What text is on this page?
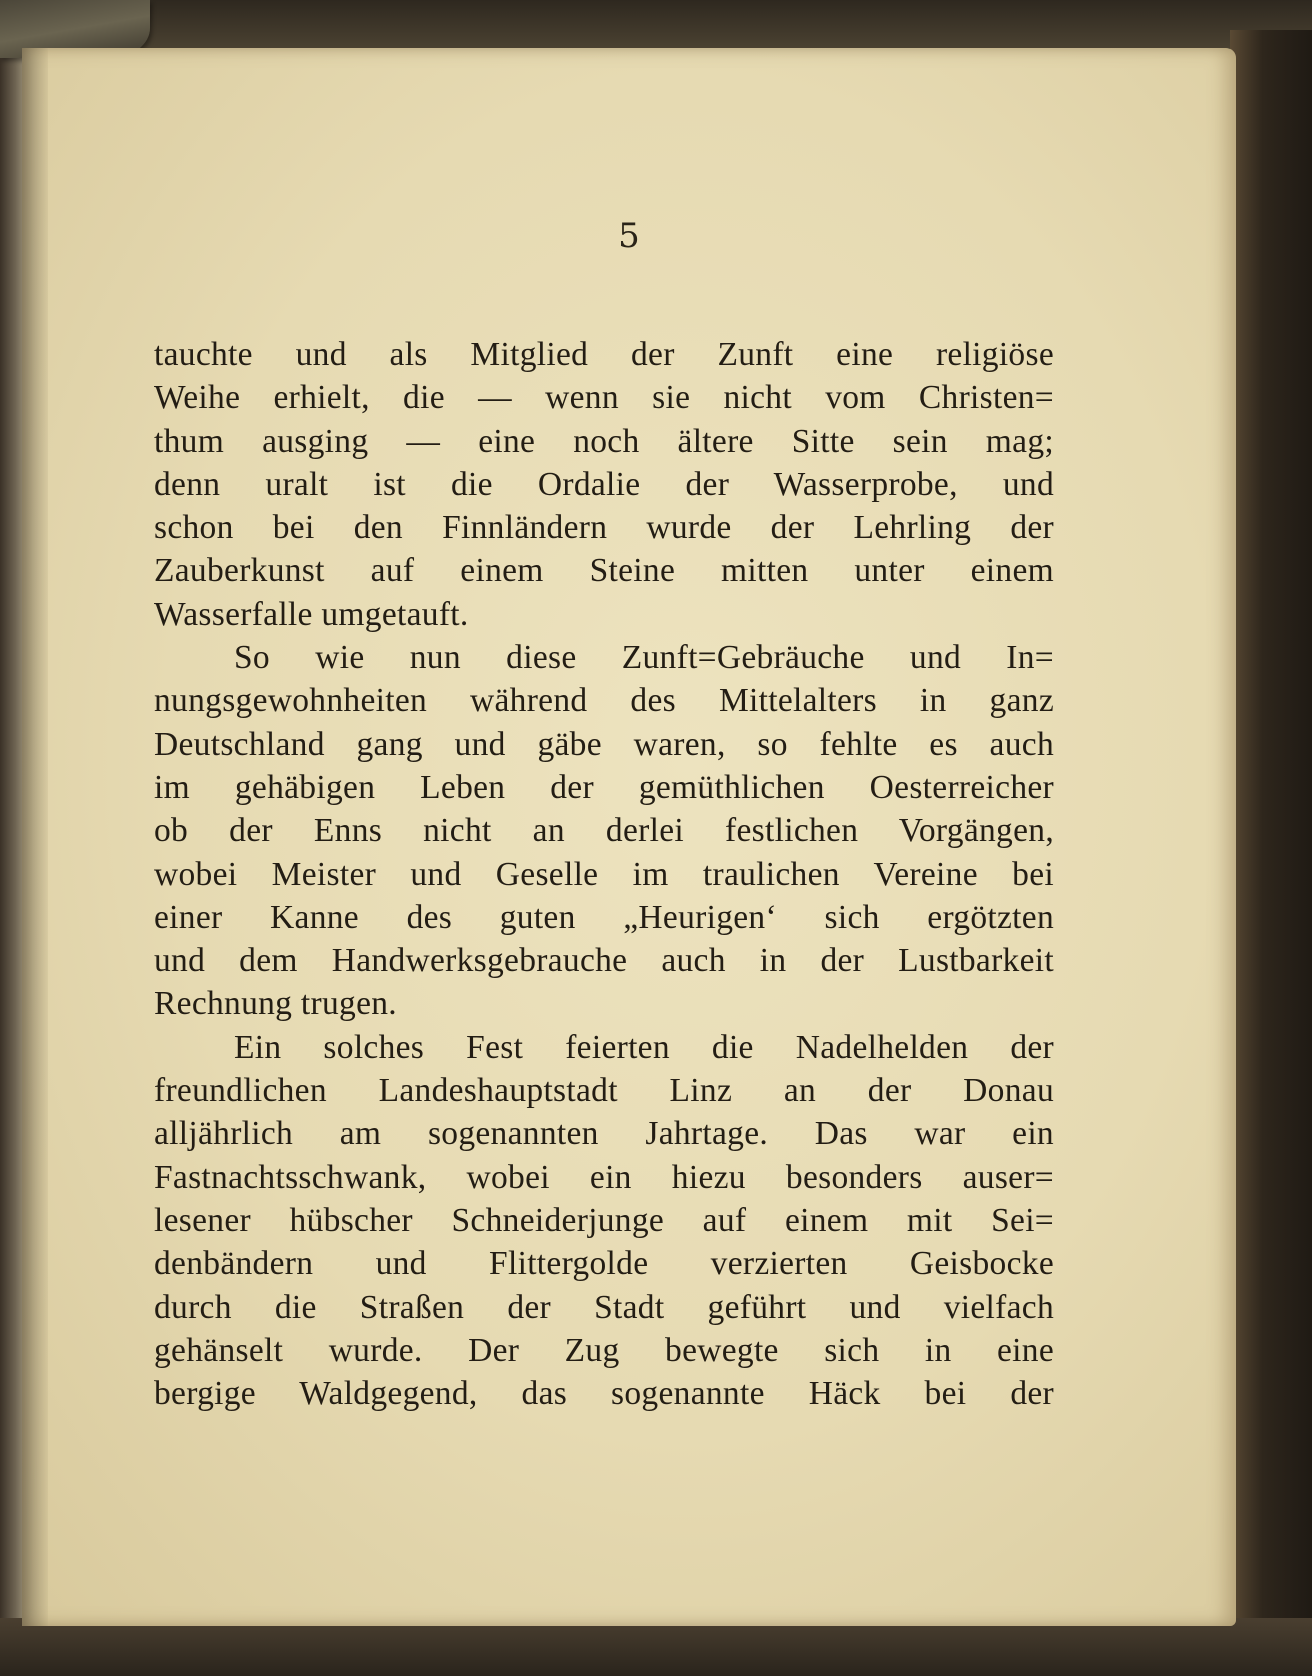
5
tauchte und als Mitglied der Zunft eine religiöse
Weihe erhielt, die — wenn sie nicht vom Christen=
thum ausging — eine noch ältere Sitte sein mag;
denn uralt ist die Ordalie der Wasserprobe, und
schon bei den Finnländern wurde der Lehrling der
Zauberkunst auf einem Steine mitten unter einem
Wasserfalle umgetauft.
So wie nun diese Zunft=Gebräuche und In=
nungsgewohnheiten während des Mittelalters in ganz
Deutschland gang und gäbe waren, so fehlte es auch
im gehäbigen Leben der gemüthlichen Oesterreicher
ob der Enns nicht an derlei festlichen Vorgängen,
wobei Meister und Geselle im traulichen Vereine bei
einer Kanne des guten „Heurigen‘ sich ergötzten
und dem Handwerksgebrauche auch in der Lustbarkeit
Rechnung trugen.
Ein solches Fest feierten die Nadelhelden der
freundlichen Landeshauptstadt Linz an der Donau
alljährlich am sogenannten Jahrtage. Das war ein
Fastnachtsschwank, wobei ein hiezu besonders auser=
lesener hübscher Schneiderjunge auf einem mit Sei=
denbändern und Flittergolde verzierten Geisbocke
durch die Straßen der Stadt geführt und vielfach
gehänselt wurde. Der Zug bewegte sich in eine
bergige Waldgegend, das sogenannte Häck bei der
